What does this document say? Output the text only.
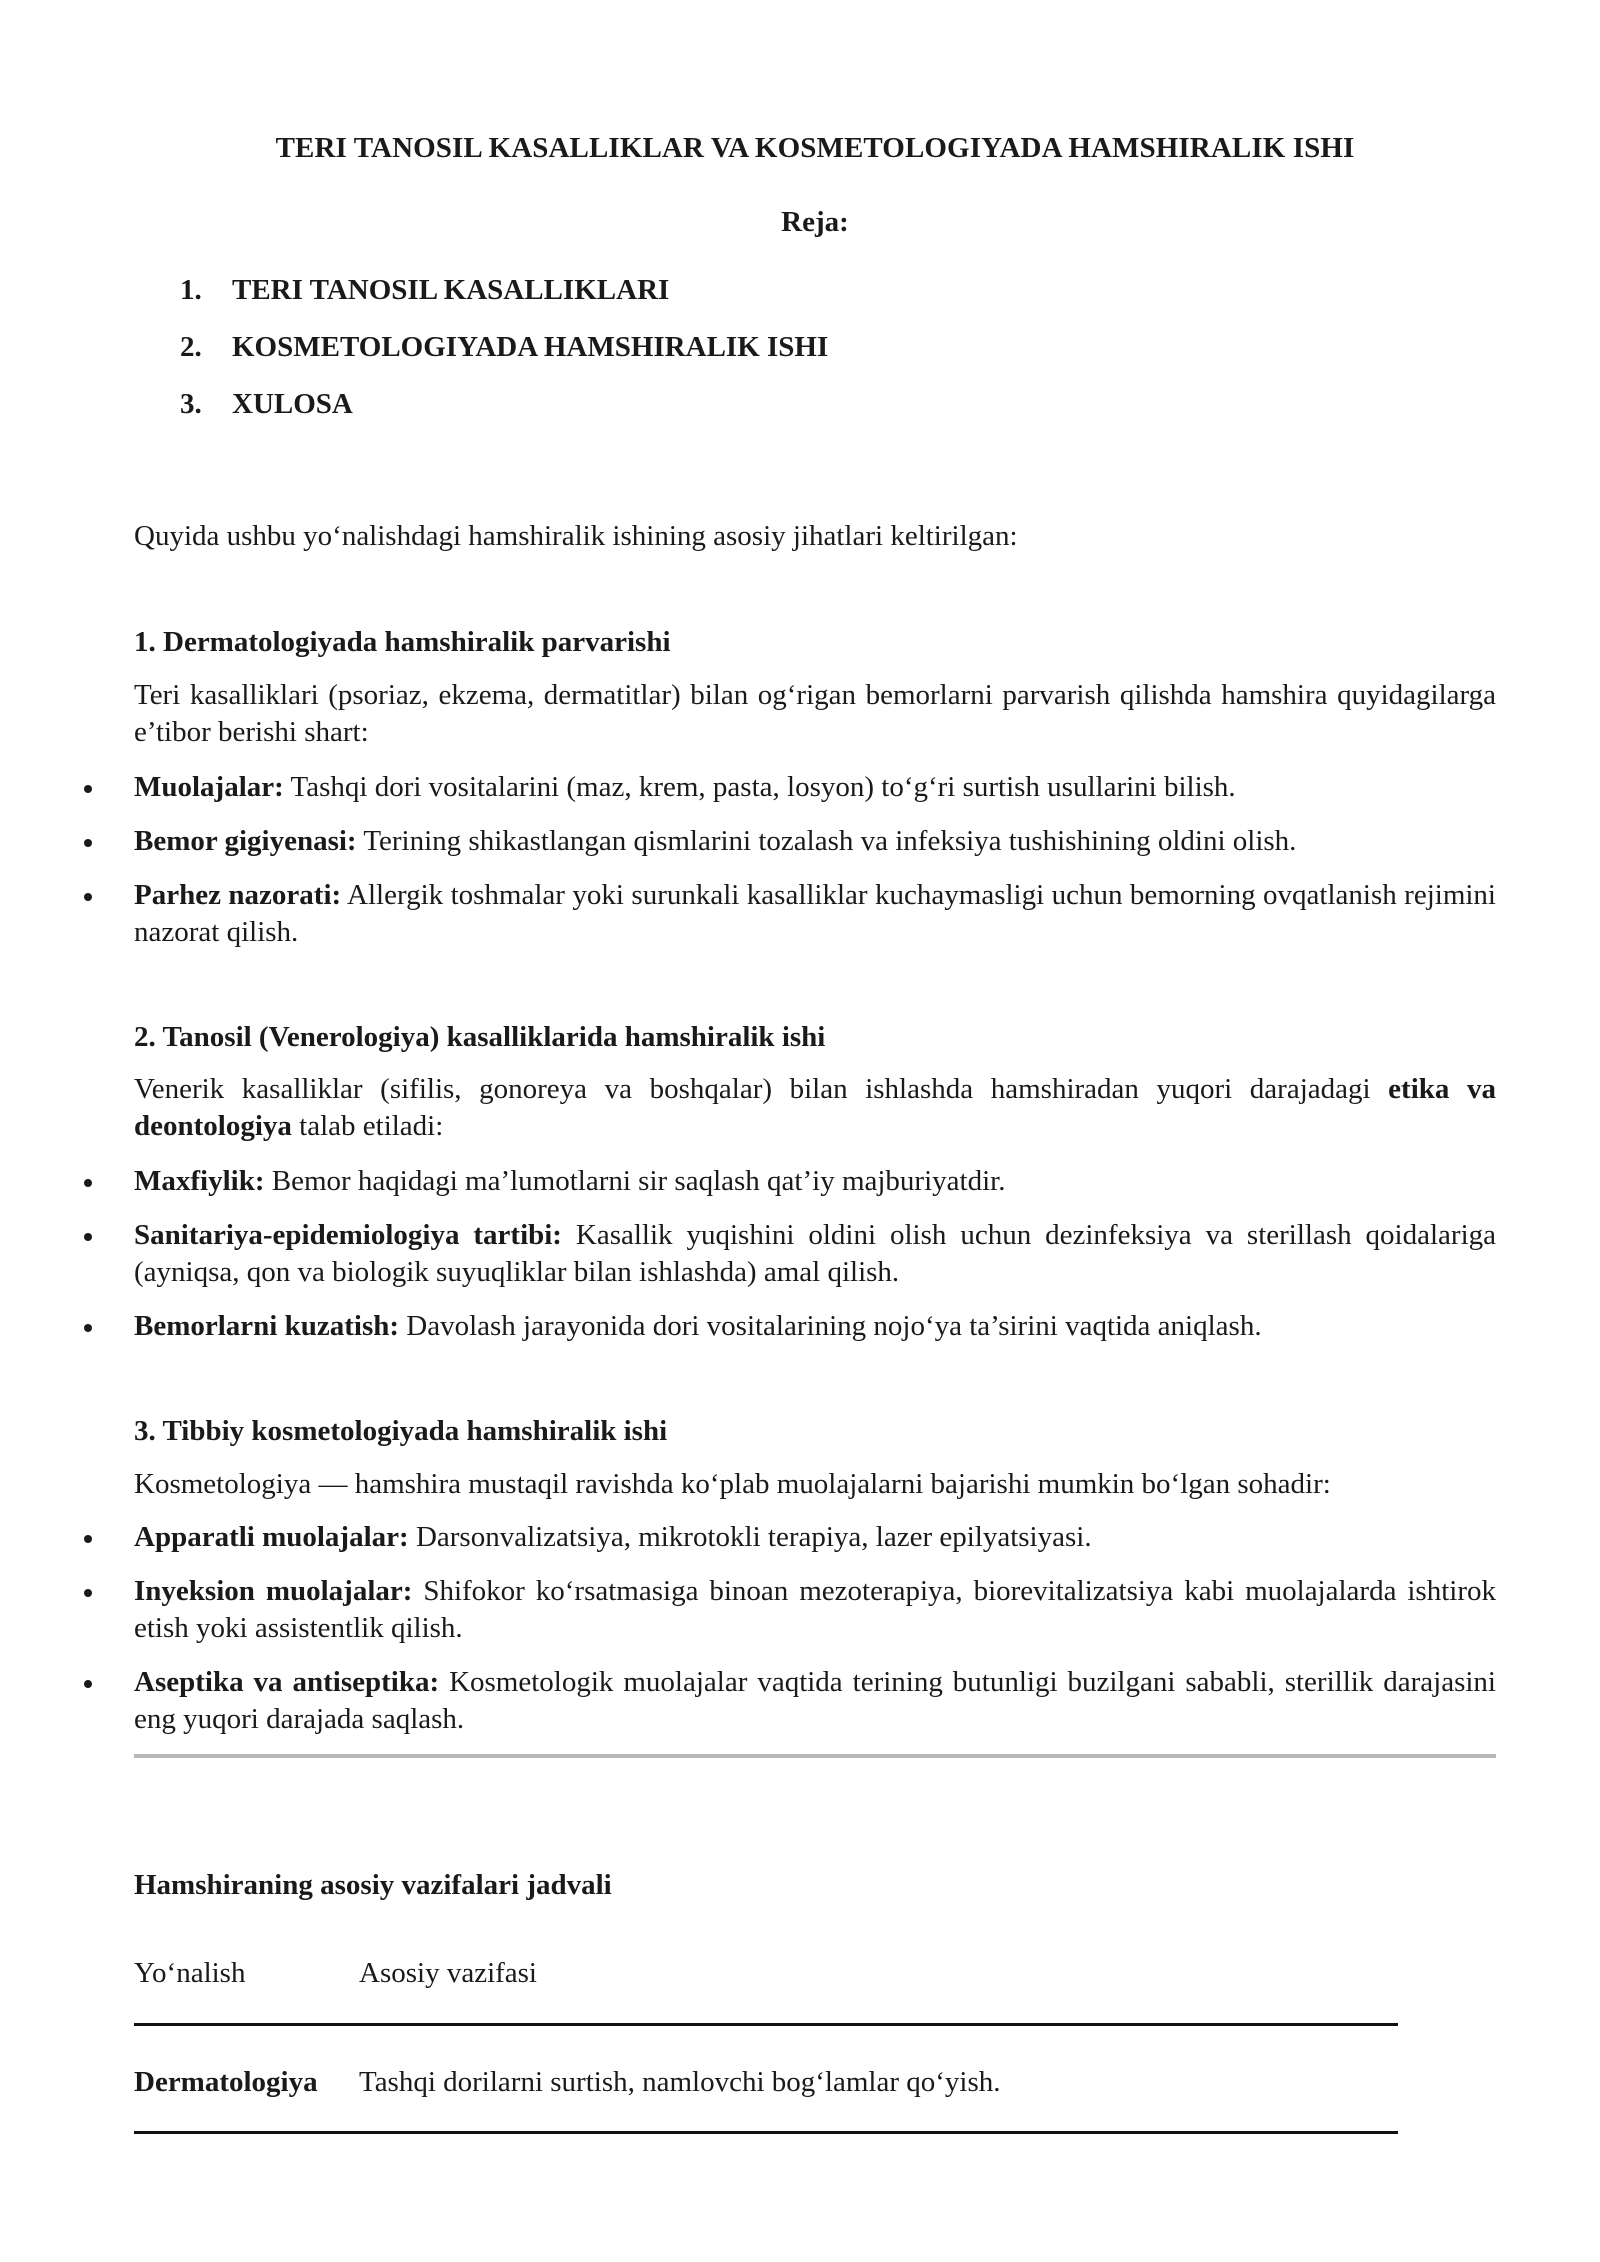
TERI TANOSIL KASALLIKLAR VA KOSMETOLOGIYADA HAMSHIRALIK ISHI
Reja:
1. TERI TANOSIL KASALLIKLARI
2. KOSMETOLOGIYADA HAMSHIRALIK ISHI
3. XULOSA
Quyida ushbu yo‘nalishdagi hamshiralik ishining asosiy jihatlari keltirilgan:
1. Dermatologiyada hamshiralik parvarishi
Teri kasalliklari (psoriaz, ekzema, dermatitlar) bilan og‘rigan bemorlarni parvarish qilishda hamshira quyidagilarga e’tibor berishi shart:
Muolajalar: Tashqi dori vositalarini (maz, krem, pasta, losyon) to‘g‘ri surtish usullarini bilish.
Bemor gigiyenasi: Terining shikastlangan qismlarini tozalash va infeksiya tushishining oldini olish.
Parhez nazorati: Allergik toshmalar yoki surunkali kasalliklar kuchaymasligi uchun bemorning ovqatlanish rejimini nazorat qilish.
2. Tanosil (Venerologiya) kasalliklarida hamshiralik ishi
Venerik kasalliklar (sifilis, gonoreya va boshqalar) bilan ishlashda hamshiradan yuqori darajadagi etika va deontologiya talab etiladi:
Maxfiylik: Bemor haqidagi ma’lumotlarni sir saqlash qat’iy majburiyatdir.
Sanitariya-epidemiologiya tartibi: Kasallik yuqishini oldini olish uchun dezinfeksiya va sterillash qoidalariga (ayniqsa, qon va biologik suyuqliklar bilan ishlashda) amal qilish.
Bemorlarni kuzatish: Davolash jarayonida dori vositalarining nojo‘ya ta’sirini vaqtida aniqlash.
3. Tibbiy kosmetologiyada hamshiralik ishi
Kosmetologiya — hamshira mustaqil ravishda ko‘plab muolajalarni bajarishi mumkin bo‘lgan sohadir:
Apparatli muolajalar: Darsonvalizatsiya, mikrotokli terapiya, lazer epilyatsiyasi.
Inyeksion muolajalar: Shifokor ko‘rsatmasiga binoan mezoterapiya, biorevitalizatsiya kabi muolajalarda ishtirok etish yoki assistentlik qilish.
Aseptika va antiseptika: Kosmetologik muolajalar vaqtida terining butunligi buzilgani sababli, sterillik darajasini eng yuqori darajada saqlash.
Hamshiraning asosiy vazifalari jadvali
Yo‘nalish	Asosiy vazifasi
Dermatologiya Tashqi dorilarni surtish, namlovchi bog‘lamlar qo‘yish.
